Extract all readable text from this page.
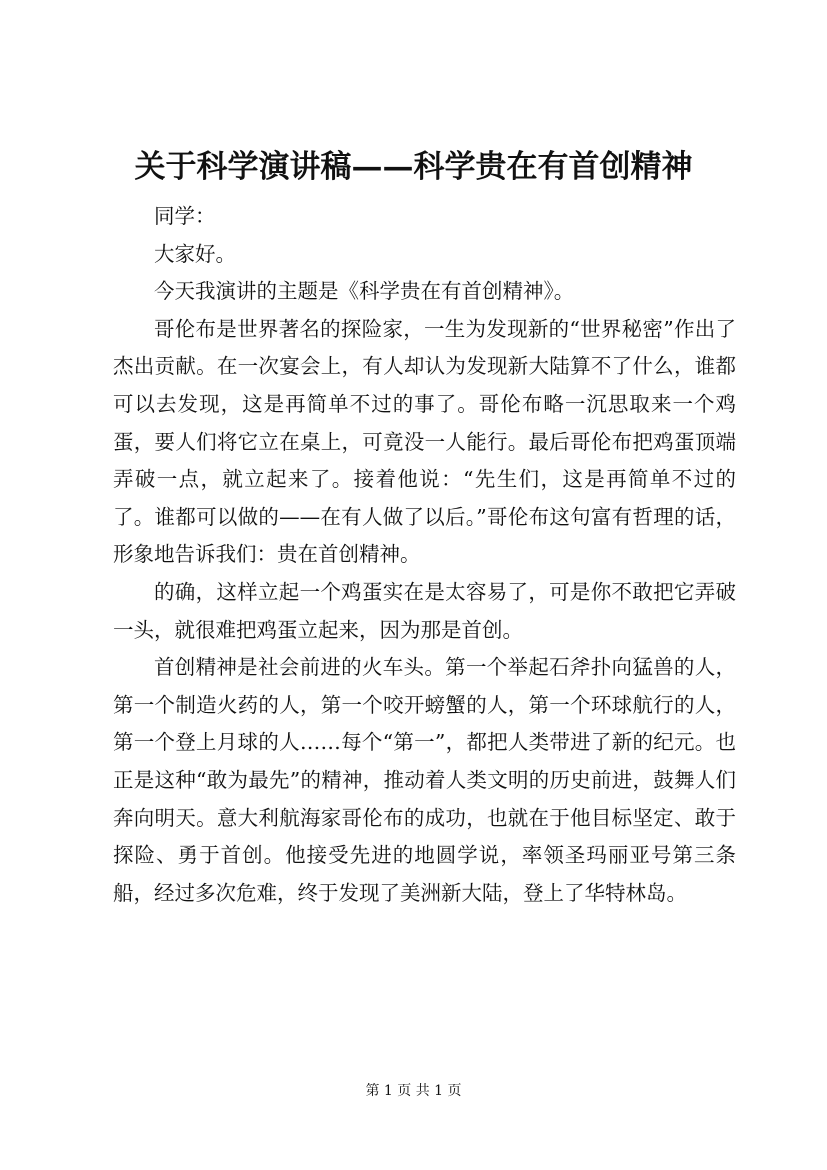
关于科学演讲稿——科学贵在有首创精神

同学：

大家好。

今天我演讲的主题是《科学贵在有首创精神》。

哥伦布是世界著名的探险家，一生为发现新的“世界秘密”作出了杰出贡献。在一次宴会上，有人却认为发现新大陆算不了什么，谁都可以去发现，这是再简单不过的事了。哥伦布略一沉思取来一个鸡蛋，要人们将它立在桌上，可竟没一人能行。最后哥伦布把鸡蛋顶端弄破一点，就立起来了。接着他说：“先生们，这是再简单不过的了。谁都可以做的——在有人做了以后。”哥伦布这句富有哲理的话，形象地告诉我们：贵在首创精神。

的确，这样立起一个鸡蛋实在是太容易了，可是你不敢把它弄破一头，就很难把鸡蛋立起来，因为那是首创。

首创精神是社会前进的火车头。第一个举起石斧扑向猛兽的人，第一个制造火药的人，第一个咬开螃蟹的人，第一个环球航行的人，第一个登上月球的人……每个“第一”，都把人类带进了新的纪元。也正是这种“敢为最先”的精神，推动着人类文明的历史前进，鼓舞人们奔向明天。意大利航海家哥伦布的成功，也就在于他目标坚定、敢于探险、勇于首创。他接受先进的地圆学说，率领圣玛丽亚号第三条船，经过多次危难，终于发现了美洲新大陆，登上了华特林岛。

第 1 页 共 1 页
